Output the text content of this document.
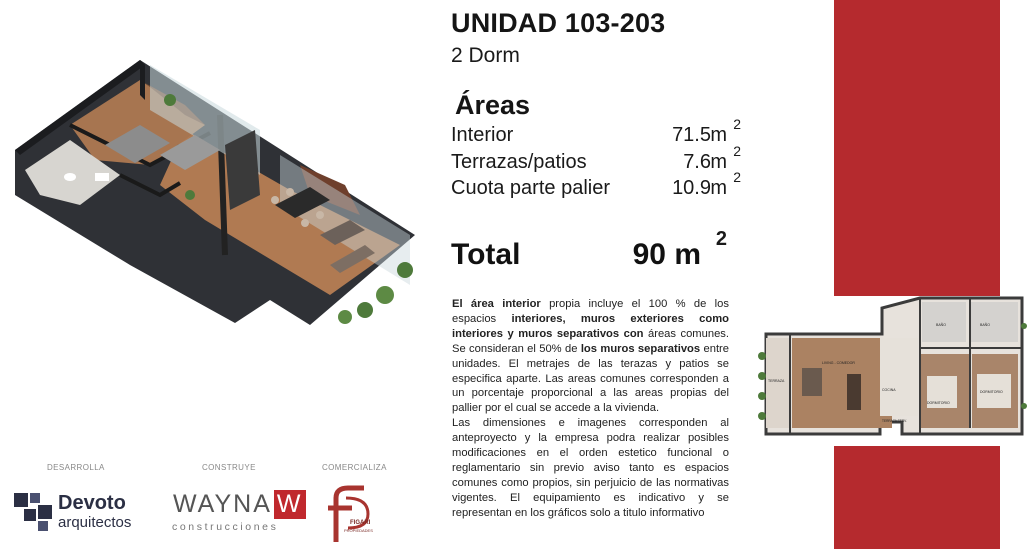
UNIDAD 103-203
2 Dorm
Áreas
Interior	71.5 m 2
Terrazas/patios	7.6 m 2
Cuota parte palier	10.9 m 2
Total	90 m 2

El área interior propia incluye el 100 % de los espacios interiores, muros exteriores como interiores y muros separativos con áreas comunes. Se consideran el 50% de los muros separativos entre unidades. El metrajes de las terazas y patios se especifica aparte. Las areas comunes corresponden a un porcentaje proporcional a las areas propias del pallier por el cual se accede a la vivienda.

Las dimensiones e imagenes corresponden al anteproyecto y la empresa podra realizar posibles modificaciones en el orden estetico funcional o reglamentario sin previo aviso tanto es espacios comunes como propios, sin perjuicio de las normativas vigentes. El equipamiento es indicativo y se representan en los gráficos solo a titulo informativo

LIVING - COMEDOR
COCINA
TERRAZA
TERRAZA SERV.
DORMITORIO
DORMITORIO
BAÑO	BAÑO
DESARROLLA	CONSTRUYE	COMERCIALIZA
Devoto
arquitectos
WAYNA W
construcciones	FIGARI
PROPIEDADES
